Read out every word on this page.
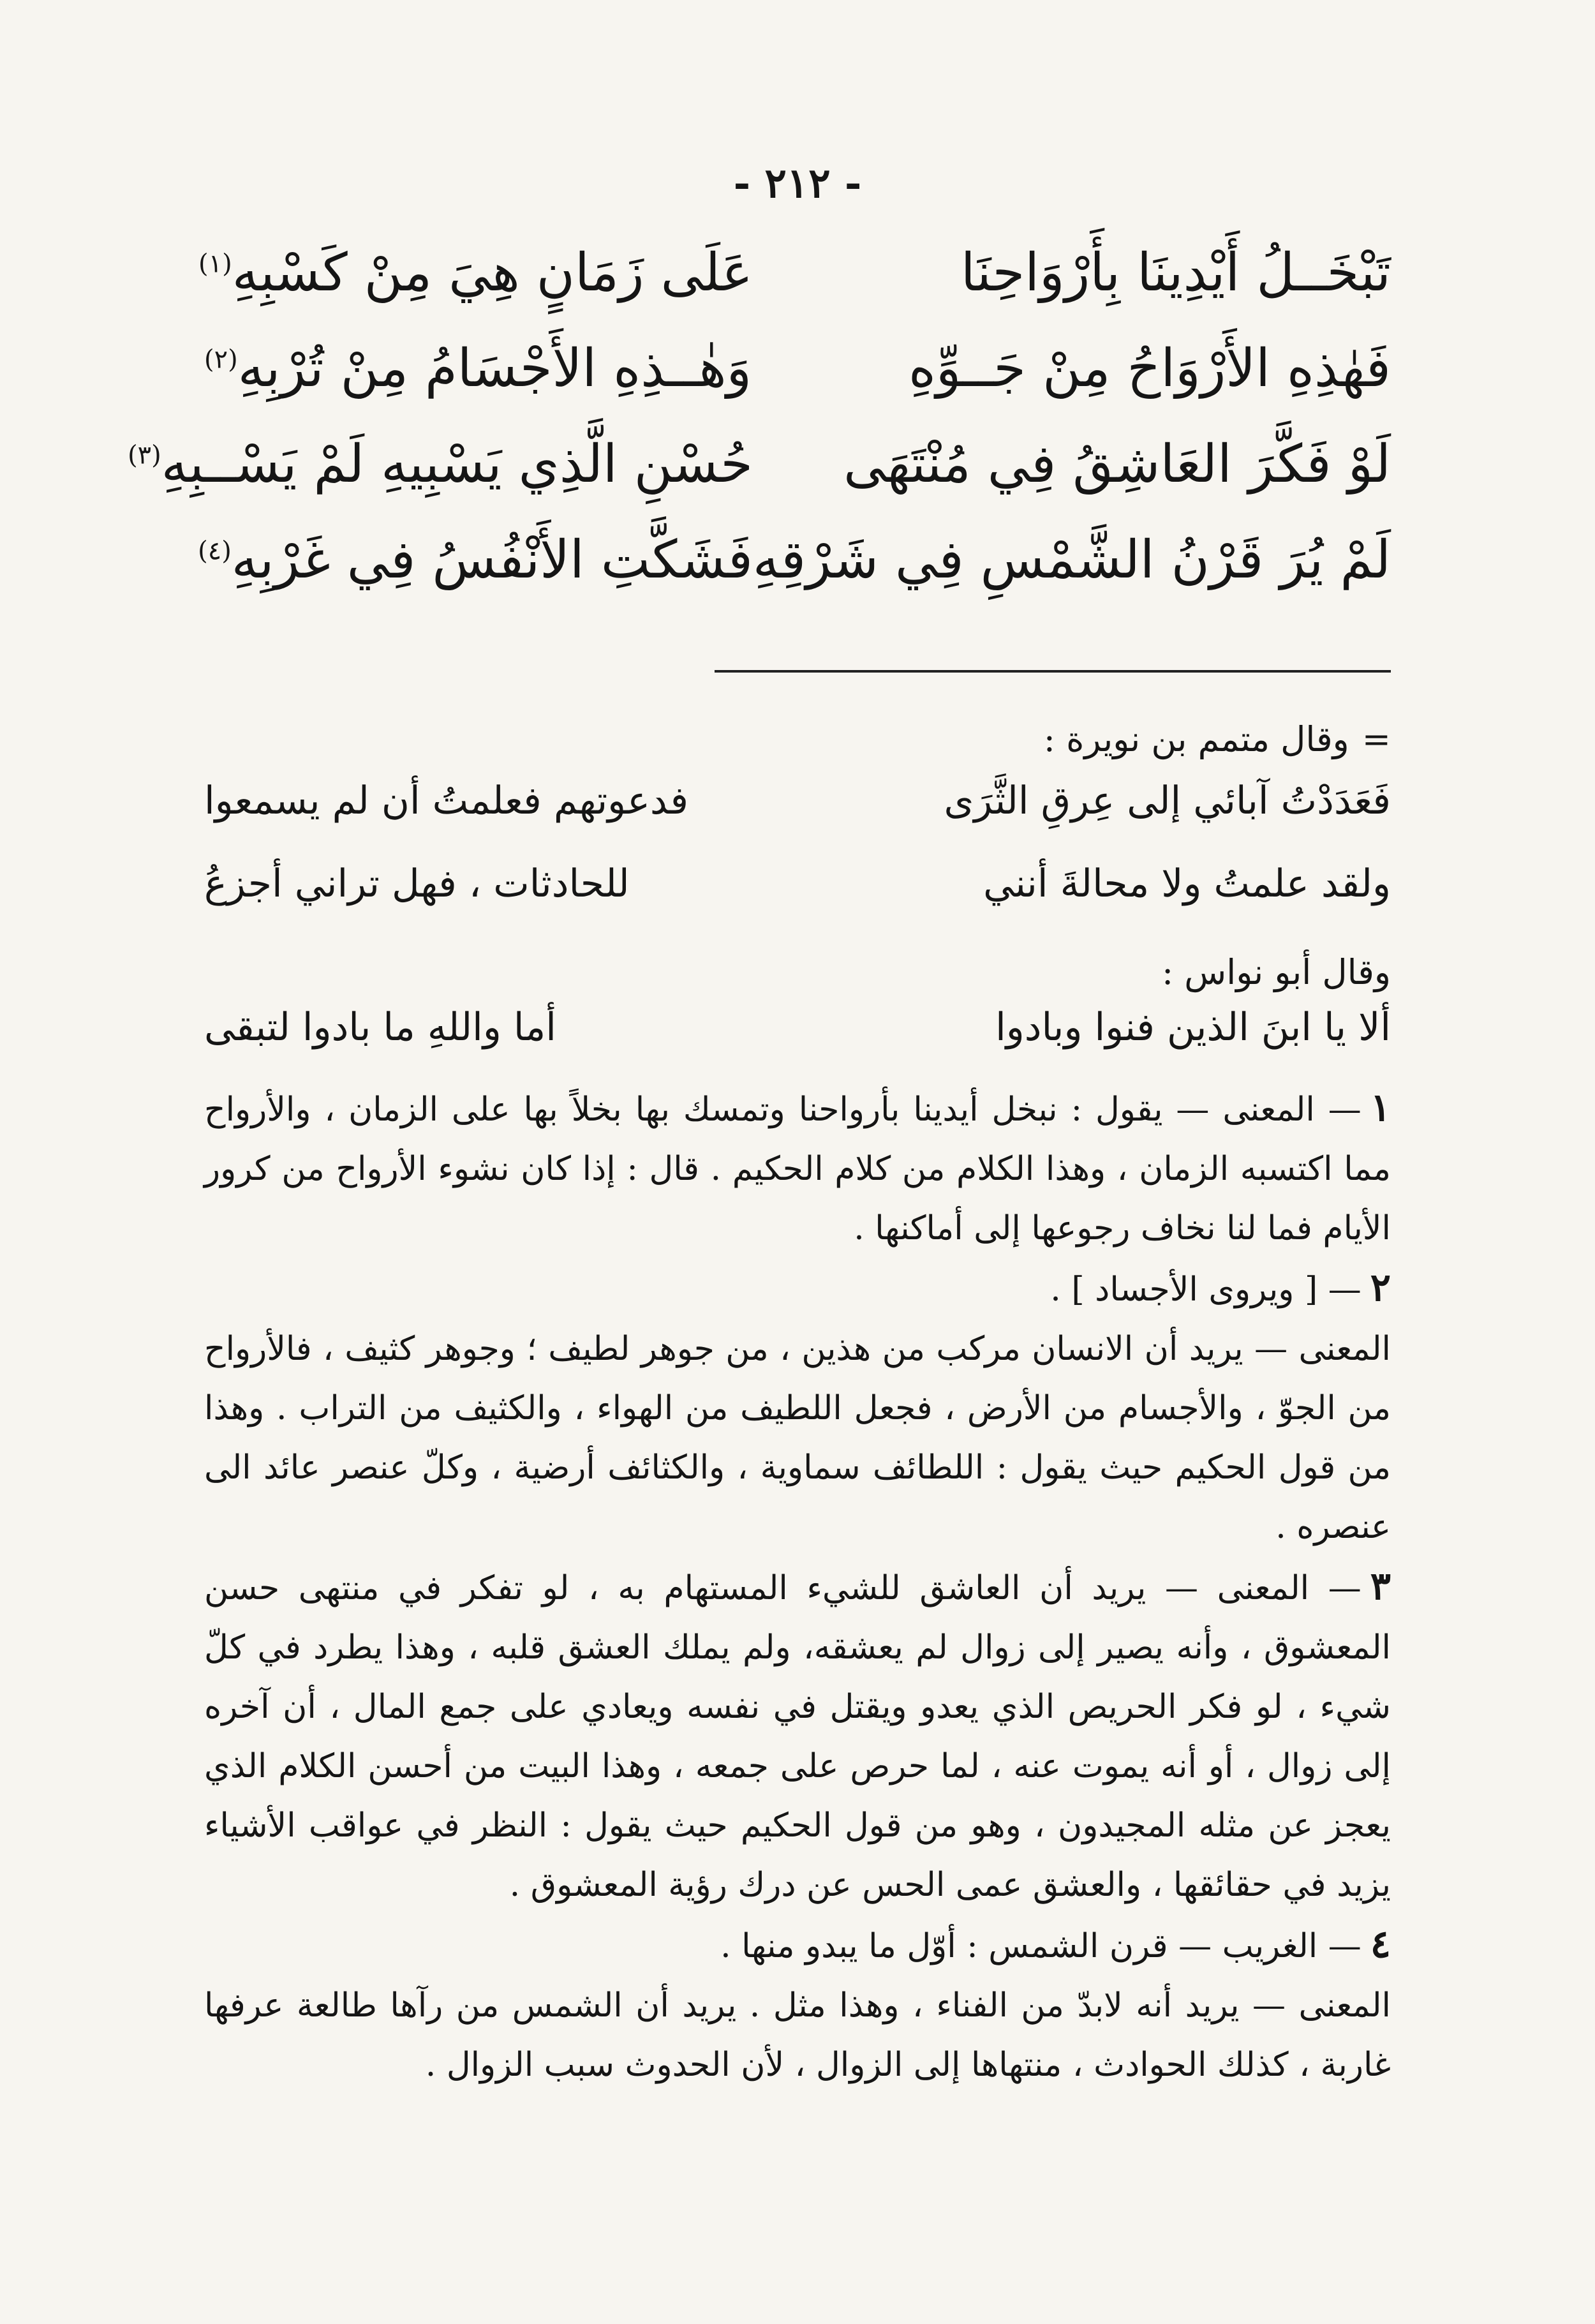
- ٢١٢ -
تَبْخَــلُ أَيْدِينَا بِأَرْوَاحِنَا
عَلَى زَمَانٍ هِيَ مِنْ كَسْبِهِ$^{(١)}$
فَهٰذِهِ الأَرْوَاحُ مِنْ جَــوِّهِ
وَهٰــذِهِ الأَجْسَامُ مِنْ تُرْبِهِ$^{(٢)}$
لَوْ فَكَّرَ العَاشِقُ فِي مُنْتَهَى
حُسْنِ الَّذِي يَسْبِيهِ لَمْ يَسْــبِهِ$^{(٣)}$
لَمْ يُرَ قَرْنُ الشَّمْسِ فِي شَرْقِهِ
فَشَكَّتِ الأَنْفُسُ فِي غَرْبِهِ$^{(٤)}$
=وقال متمم بن نويرة :
فَعَدَدْتُ آبائي إلى عِرقِ الثَّرَى
فدعوتهم فعلمتُ أن لم يسمعوا
ولقد علمتُ ولا محالةَ أنني
للحادثات ، فهل تراني أجزعُ
وقال أبو نواس :
ألا يا ابنَ الذين فنوا وبادوا
أما واللهِ ما بادوا لتبقى

١— المعنى — يقول : نبخل أيدينا بأرواحنا وتمسك بها بخلاً بها على الزمان ، والأرواح مما اكتسبه الزمان ، وهذا الكلام من كلام الحكيم . قال : إذا كان نشوء الأرواح من كرور الأيام فما لنا نخاف رجوعها إلى أماكنها .

٢— [ ويروى الأجساد ] .

المعنى — يريد أن الانسان مركب من هذين ، من جوهر لطيف ؛ وجوهر كثيف ، فالأرواح من الجوّ ، والأجسام من الأرض ، فجعل اللطيف من الهواء ، والكثيف من التراب . وهذا من قول الحكيم حيث يقول : اللطائف سماوية ، والكثائف أرضية ، وكلّ عنصر عائد الى عنصره .

٣— المعنى — يريد أن العاشق للشيء المستهام به ، لو تفكر في منتهى حسن المعشوق ، وأنه يصير إلى زوال لم يعشقه، ولم يملك العشق قلبه ، وهذا يطرد في كلّ شيء ، لو فكر الحريص الذي يعدو ويقتل في نفسه ويعادي على جمع المال ، أن آخره إلى زوال ، أو أنه يموت عنه ، لما حرص على جمعه ، وهذا البيت من أحسن الكلام الذي يعجز عن مثله المجيدون ، وهو من قول الحكيم حيث يقول : النظر في عواقب الأشياء يزيد في حقائقها ، والعشق عمى الحس عن درك رؤية المعشوق .

٤— الغريب — قرن الشمس : أوّل ما يبدو منها .

المعنى — يريد أنه لابدّ من الفناء ، وهذا مثل . يريد أن الشمس من رآها طالعة عرفها غاربة ، كذلك الحوادث ، منتهاها إلى الزوال ، لأن الحدوث سبب الزوال .
